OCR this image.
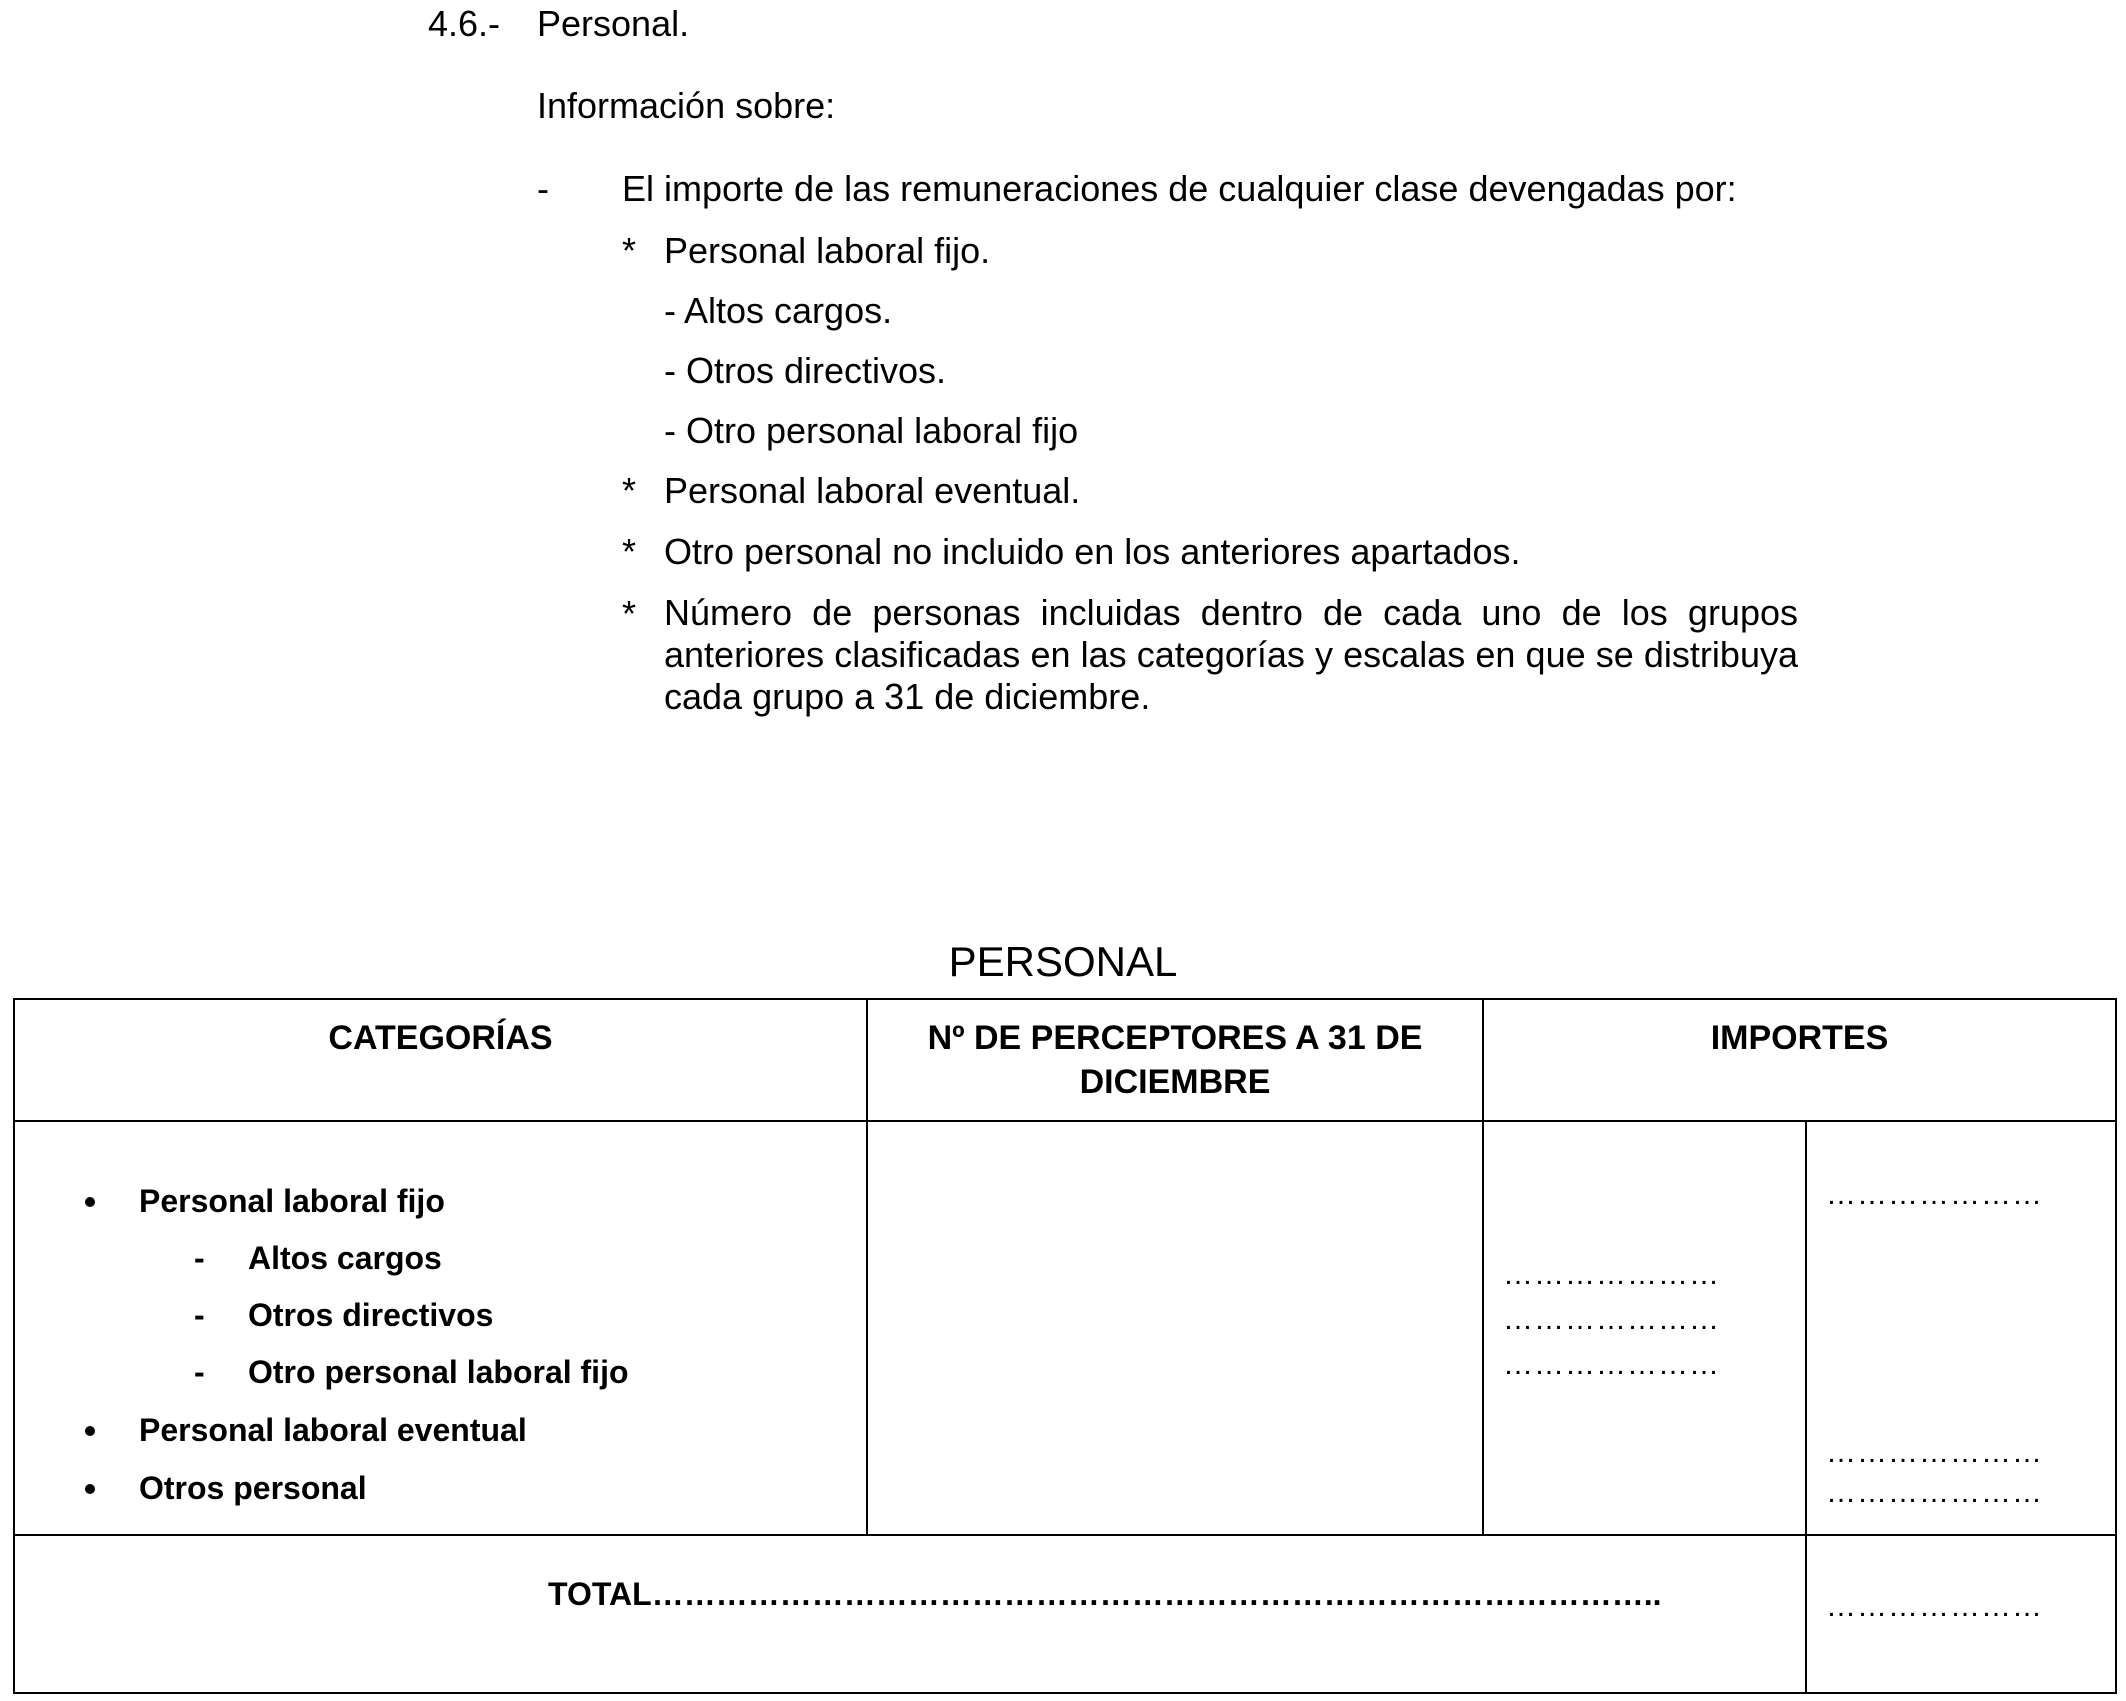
4.6.- Personal.
Información sobre:
- El importe de las remuneraciones de cualquier clase devengadas por:
* Personal laboral fijo.
- Altos cargos.
- Otros directivos.
- Otro personal laboral fijo
* Personal laboral eventual.
* Otro personal no incluido en los anteriores apartados.
* Número de personas incluidas dentro de cada uno de los grupos anteriores clasificadas en las categorías y escalas en que se distribuya cada grupo a 31 de diciembre.
PERSONAL
CATEGORÍAS	Nº DE PERCEPTORES A 31 DE DICIEMBRE
IMPORTES
Personal laboral fijo
- Altos cargos
- Otros directivos
- Otro personal laboral fijo
Personal laboral eventual
Otros personal
…………………
…………………
…………………
…………………
…………………
…………………
TOTAL…………………………………………………………………………………..	…………………
